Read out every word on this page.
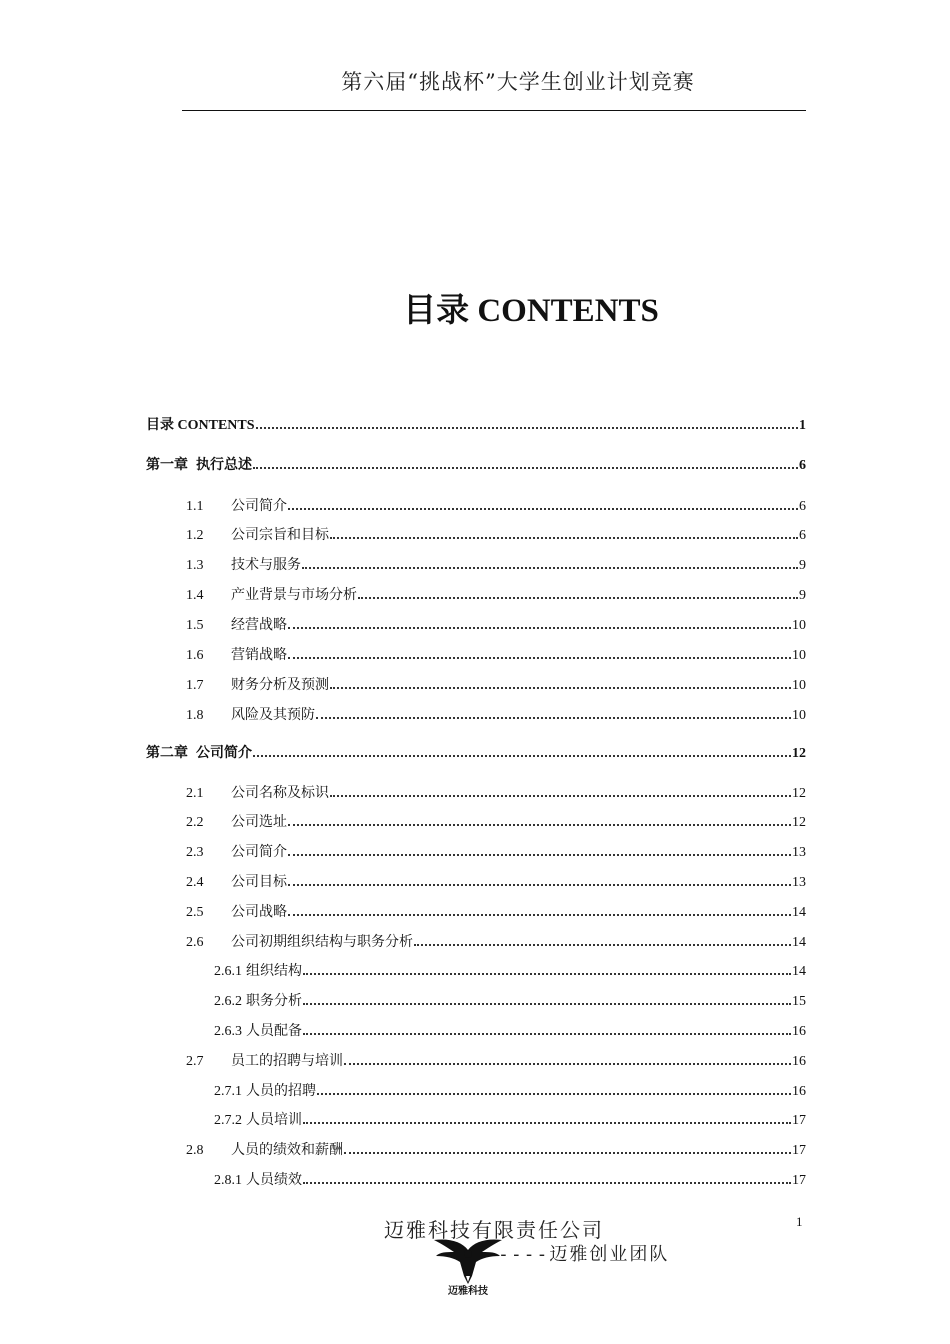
第六届“挑战杯”大学生创业计划竞赛
目录 CONTENTS
目录 CONTENTS	1
第一章 执行总述	6
1.1	公司简介	6
1.2	公司宗旨和目标	6
1.3	技术与服务	9
1.4	产业背景与市场分析	9
1.5	经营战略	10
1.6	营销战略	10
1.7	财务分析及预测	10
1.8	风险及其预防	10
第二章 公司简介	12
2.1	公司名称及标识	12
2.2	公司选址	12
2.3	公司简介	13
2.4	公司目标	13
2.5	公司战略	14
2.6	公司初期组织结构与职务分析	14
2.6.1 组织结构	14
2.6.2 职务分析	15
2.6.3 人员配备	16
2.7	员工的招聘与培训	16
2.7.1 人员的招聘	16
2.7.2 人员培训	17
2.8	人员的绩效和薪酬	17
2.8.1 人员绩效	17
1
迈雅科技有限责任公司
迈雅科技
----迈雅创业团队
